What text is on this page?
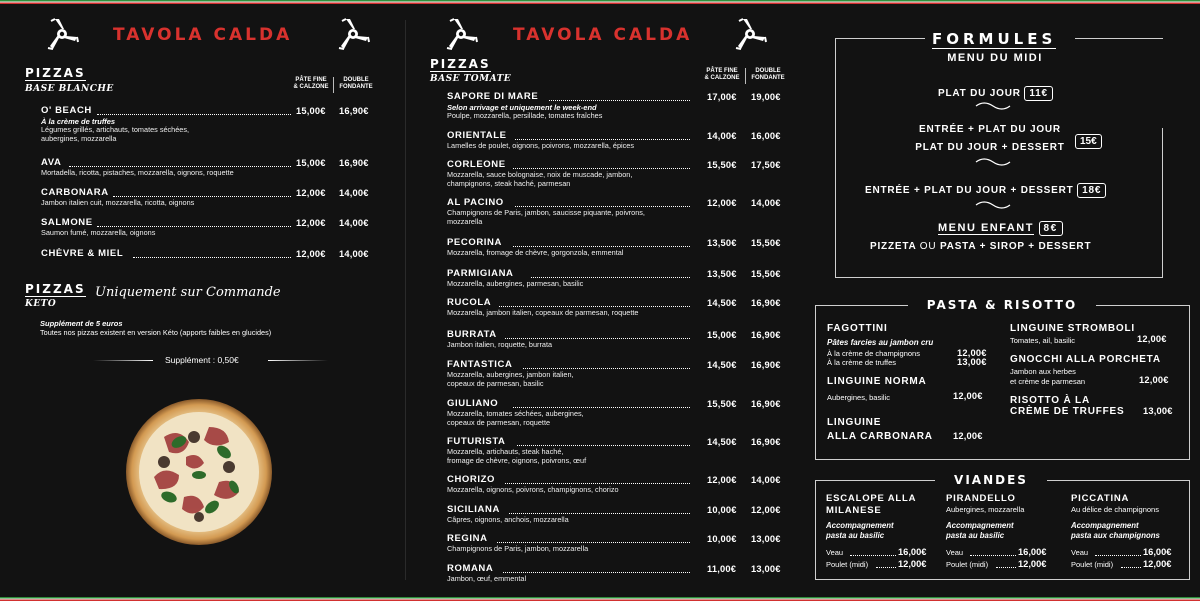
TAVOLA CALDA
PIZZAS
BASE BLANCHE
PÂTE FINE
& CALZONE
DOUBLE
FONDANTE
O' BEACH
À la crème de truffes
Légumes grillés, artichauts, tomates séchées,
aubergines, mozzarella
15,00€ 16,90€
AVA
Mortadella, ricotta, pistaches, mozzarella, oignons, roquette
15,00€ 16,90€
CARBONARA
Jambon italien cuit, mozzarella, ricotta, oignons
12,00€ 14,00€
SALMONE
Saumon fumé, mozzarella, oignons
12,00€ 14,00€
CHÈVRE & MIEL	12,00€ 14,00€
PIZZAS
KETO
Uniquement sur Commande
Supplément de 5 euros
Toutes nos pizzas existent en version Kéto (apports faibles en glucides)
Supplément : 0,50€
TAVOLA CALDA
PIZZAS
BASE TOMATE
PÂTE FINE
& CALZONE
DOUBLE
FONDANTE
SAPORE DI MARE
Selon arrivage et uniquement le week-end
Poulpe, mozzarella, persillade, tomates fraîches
17,00€ 19,00€
ORIENTALE
Lamelles de poulet, oignons, poivrons, mozzarella, épices
14,00€ 16,00€
CORLEONE
Mozzarella, sauce bolognaise, noix de muscade, jambon,
champignons, steak haché, parmesan
15,50€ 17,50€
AL PACINO
Champignons de Paris, jambon, saucisse piquante, poivrons,
mozzarella
12,00€ 14,00€
PECORINA
Mozzarella, fromage de chèvre, gorgonzola, emmental
13,50€ 15,50€
PARMIGIANA
Mozzarella, aubergines, parmesan, basilic
13,50€ 15,50€
RUCOLA
Mozzarella, jambon italien, copeaux de parmesan, roquette
14,50€ 16,90€
BURRATA
Jambon italien, roquette, burrata
15,00€ 16,90€
FANTASTICA
Mozzarella, aubergines, jambon italien,
copeaux de parmesan, basilic
14,50€ 16,90€
GIULIANO
Mozzarella, tomates séchées, aubergines,
copeaux de parmesan, roquette
15,50€ 16,90€
FUTURISTA
Mozzarella, artichauts, steak haché,
fromage de chèvre, oignons, poivrons, œuf
14,50€ 16,90€
CHORIZO
Mozzarella, oignons, poivrons, champignons, chorizo
12,00€ 14,00€
SICILIANA
Câpres, oignons, anchois, mozzarella
10,00€ 12,00€
REGINA
Champignons de Paris, jambon, mozzarella
10,00€ 13,00€
ROMANA
Jambon, œuf, emmental
11,00€ 13,00€
FORMULES
MENU DU MIDI
PLAT DU JOUR 11€
ENTRÉE + PLAT DU JOUR
PLAT DU JOUR + DESSERT
15€
ENTRÉE + PLAT DU JOUR + DESSERT 18€
MENU ENFANT 8€
PIZZETA OU PASTA + SIROP + DESSERT
PASTA & RISOTTO
FAGOTTINI
Pâtes farcies au jambon cru
À la crème de champignons	12,00€
À la crème de truffes	13,00€
LINGUINE NORMA
Aubergines, basilic	12,00€
LINGUINE
ALLA CARBONARA 12,00€
LINGUINE STROMBOLI
Tomates, ail, basilic	12,00€
GNOCCHI ALLA PORCHETA
Jambon aux herbes
et crème de parmesan	12,00€
RISOTTO À LA
CRÈME DE TRUFFES 13,00€
VIANDES
ESCALOPE ALLA
MILANESE
Accompagnement
pasta au basilic
Veau	16,00€
Poulet (midi)	12,00€
PIRANDELLO
Aubergines, mozzarella
Accompagnement
pasta au basilic
Veau	16,00€
Poulet (midi)	12,00€
PICCATINA
Au délice de champignons
Accompagnement
pasta aux champignons
Veau	16,00€
Poulet (midi)	12,00€
